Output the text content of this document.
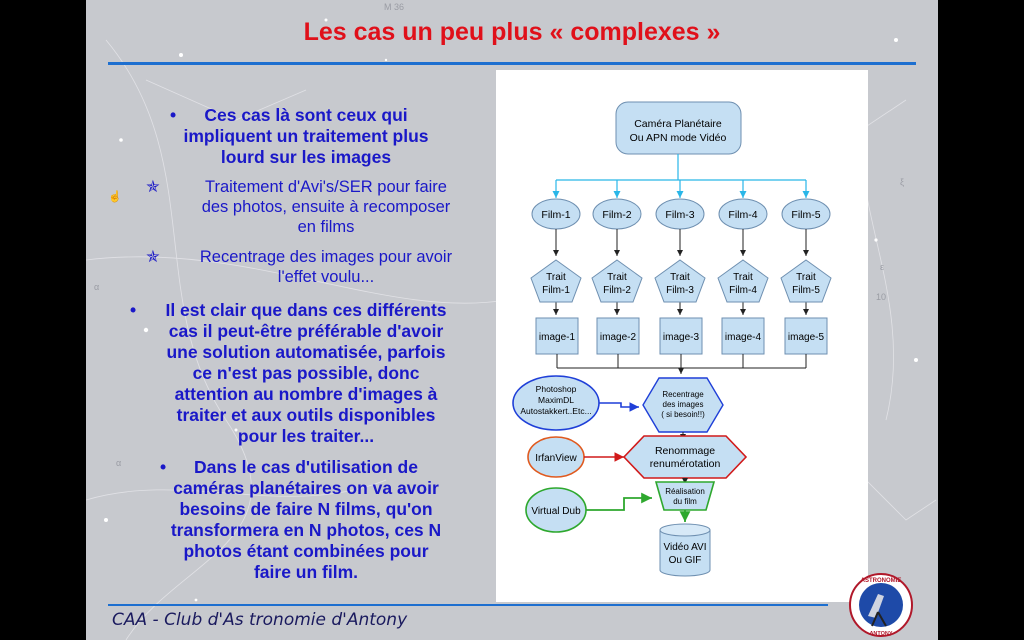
M 36
α
10
ξ
ε
α
Les cas un peu plus « complexes »
•	Ces cas là sont ceux qui
impliquent un traitement plus
lourd sur les images
✯	Traitement d'Avi's/SER pour faire
des photos, ensuite à recomposer
en films
✯	Recentrage des images pour avoir
l'effet voulu...
•	Il est clair que dans ces différents
cas il peut-être préférable d'avoir
une solution automatisée, parfois
ce n'est pas possible, donc
attention au nombre d'images à
traiter et aux outils disponibles
pour les traiter...
•	Dans le cas d'utilisation de
caméras planétaires on va avoir
besoins de faire N films, qu'on
transformera en N photos, ces N
photos étant combinées pour
faire un film.
Caméra Planétaire
Ou APN mode Vidéo
Film-1	Film-2	Film-3	Film-4	Film-5
Trait
Film-1
Trait
Film-2
Trait
Film-3
Trait
Film-4
Trait
Film-5
image-1 image-2	image-3	image-4	image-5
Photoshop
MaximDL
Autostakkert..Etc...
Recentrage
des images
( si besoin!!)
IrfanView
Renommage
renumérotation
Virtual Dub
Réalisation
du film
Vidéo AVI
Ou GIF
CAA - Club d'As tronomie d'Antony
ASTRONOMIE
ANTONY
☝
